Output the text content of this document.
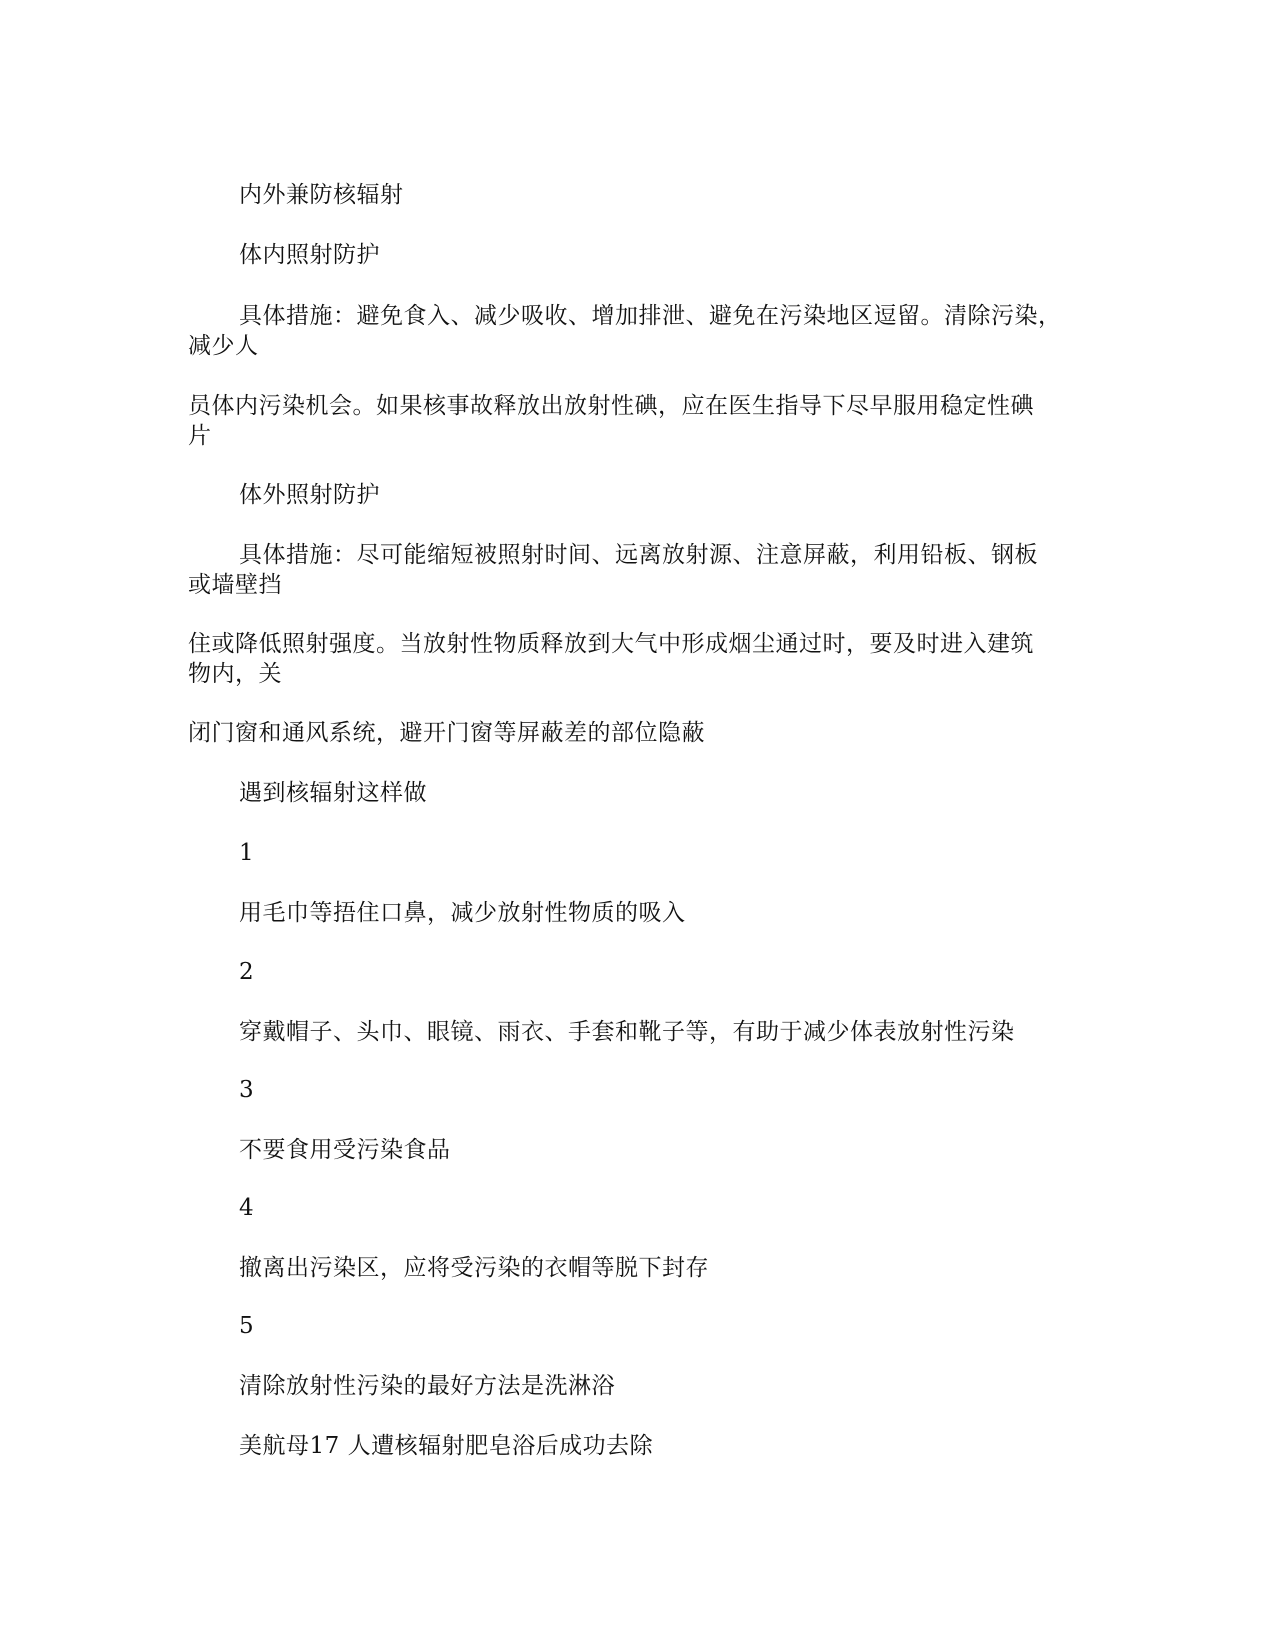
内外兼防核辐射

体内照射防护

具体措施：避免食入、减少吸收、增加排泄、避免在污染地区逗留。清除污染，

减少人

员体内污染机会。如果核事故释放出放射性碘，应在医生指导下尽早服用稳定性碘

片

体外照射防护

具体措施：尽可能缩短被照射时间、远离放射源、注意屏蔽，利用铅板、钢板

或墙壁挡

住或降低照射强度。当放射性物质释放到大气中形成烟尘通过时，要及时进入建筑

物内，关

闭门窗和通风系统，避开门窗等屏蔽差的部位隐蔽

遇到核辐射这样做

1

用毛巾等捂住口鼻，减少放射性物质的吸入

2

穿戴帽子、头巾、眼镜、雨衣、手套和靴子等，有助于减少体表放射性污染

3

不要食用受污染食品

4

撤离出污染区，应将受污染的衣帽等脱下封存

5

清除放射性污染的最好方法是洗淋浴

美航母17 人遭核辐射肥皂浴后成功去除
